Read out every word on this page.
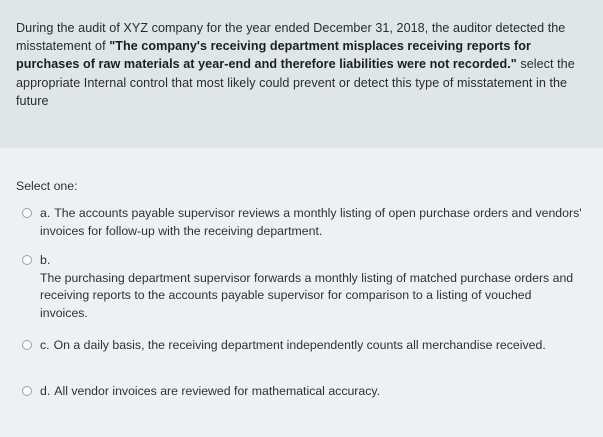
During the audit of XYZ company for the year ended December 31, 2018, the auditor detected the misstatement of "The company's receiving department misplaces receiving reports for purchases of raw materials at year-end and therefore liabilities were not recorded." select the appropriate Internal control that most likely could prevent or detect this type of misstatement in the future
Select one:
a. The accounts payable supervisor reviews a monthly listing of open purchase orders and vendors' invoices for follow-up with the receiving department.
b.
The purchasing department supervisor forwards a monthly listing of matched purchase orders and receiving reports to the accounts payable supervisor for comparison to a listing of vouched invoices.
c. On a daily basis, the receiving department independently counts all merchandise received.
d. All vendor invoices are reviewed for mathematical accuracy.
